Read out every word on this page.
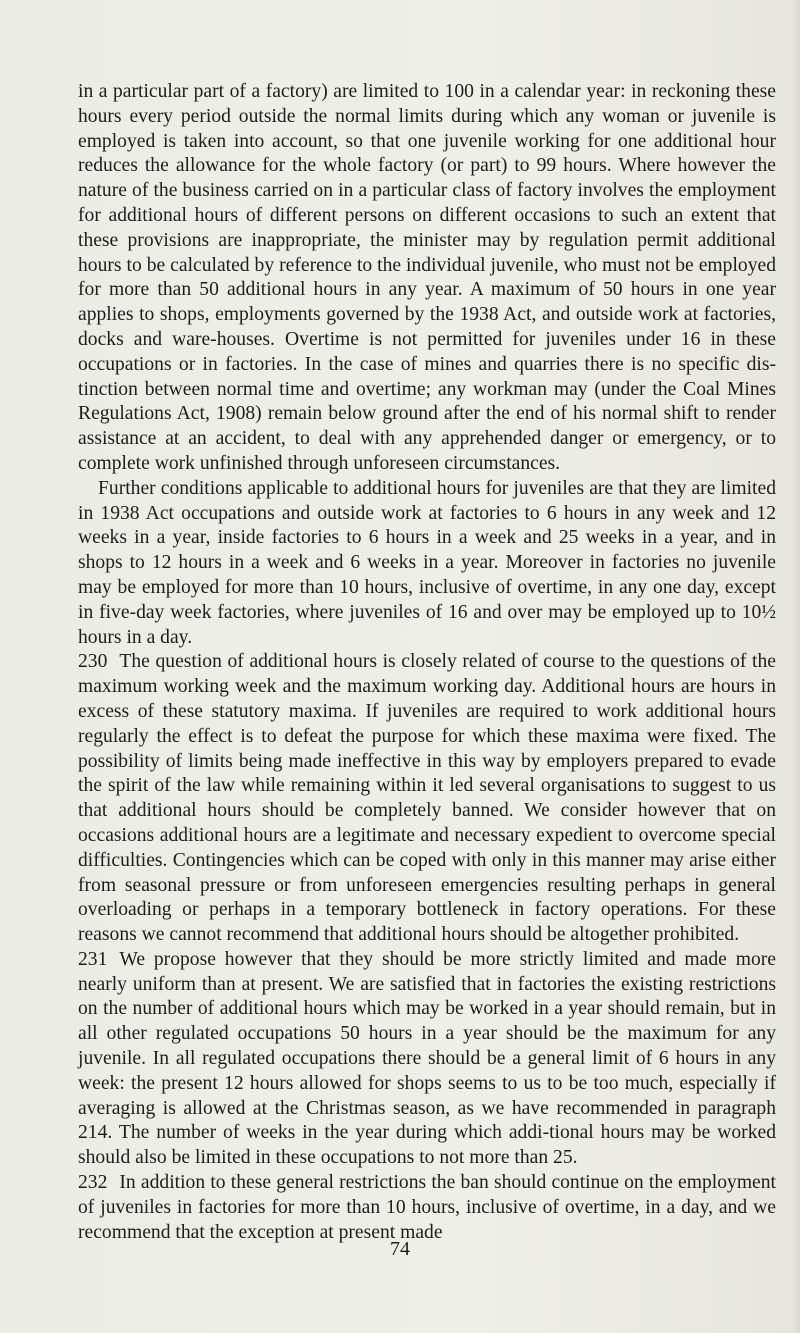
in a particular part of a factory) are limited to 100 in a calendar year: in reckoning these hours every period outside the normal limits during which any woman or juvenile is employed is taken into account, so that one juvenile working for one additional hour reduces the allowance for the whole factory (or part) to 99 hours. Where however the nature of the business carried on in a particular class of factory involves the employment for additional hours of different persons on different occasions to such an extent that these provisions are inappropriate, the minister may by regulation permit additional hours to be calculated by reference to the individual juvenile, who must not be employed for more than 50 additional hours in any year. A maximum of 50 hours in one year applies to shops, employments governed by the 1938 Act, and outside work at factories, docks and ware-houses. Overtime is not permitted for juveniles under 16 in these occupations or in factories. In the case of mines and quarries there is no specific dis-tinction between normal time and overtime; any workman may (under the Coal Mines Regulations Act, 1908) remain below ground after the end of his normal shift to render assistance at an accident, to deal with any apprehended danger or emergency, or to complete work unfinished through unforeseen circumstances.

Further conditions applicable to additional hours for juveniles are that they are limited in 1938 Act occupations and outside work at factories to 6 hours in any week and 12 weeks in a year, inside factories to 6 hours in a week and 25 weeks in a year, and in shops to 12 hours in a week and 6 weeks in a year. Moreover in factories no juvenile may be employed for more than 10 hours, inclusive of overtime, in any one day, except in five-day week factories, where juveniles of 16 and over may be employed up to 10½ hours in a day.

230 The question of additional hours is closely related of course to the questions of the maximum working week and the maximum working day. Additional hours are hours in excess of these statutory maxima. If juveniles are required to work additional hours regularly the effect is to defeat the purpose for which these maxima were fixed. The possibility of limits being made ineffective in this way by employers prepared to evade the spirit of the law while remaining within it led several organisations to suggest to us that additional hours should be completely banned. We consider however that on occasions additional hours are a legitimate and necessary expedient to overcome special difficulties. Contingencies which can be coped with only in this manner may arise either from seasonal pressure or from unforeseen emergencies resulting perhaps in general overloading or perhaps in a temporary bottleneck in factory operations. For these reasons we cannot recommend that additional hours should be altogether prohibited.

231 We propose however that they should be more strictly limited and made more nearly uniform than at present. We are satisfied that in factories the existing restrictions on the number of additional hours which may be worked in a year should remain, but in all other regulated occupations 50 hours in a year should be the maximum for any juvenile. In all regulated occupations there should be a general limit of 6 hours in any week: the present 12 hours allowed for shops seems to us to be too much, especially if averaging is allowed at the Christmas season, as we have recommended in paragraph 214. The number of weeks in the year during which addi-tional hours may be worked should also be limited in these occupations to not more than 25.

232 In addition to these general restrictions the ban should continue on the employment of juveniles in factories for more than 10 hours, inclusive of overtime, in a day, and we recommend that the exception at present made

74
